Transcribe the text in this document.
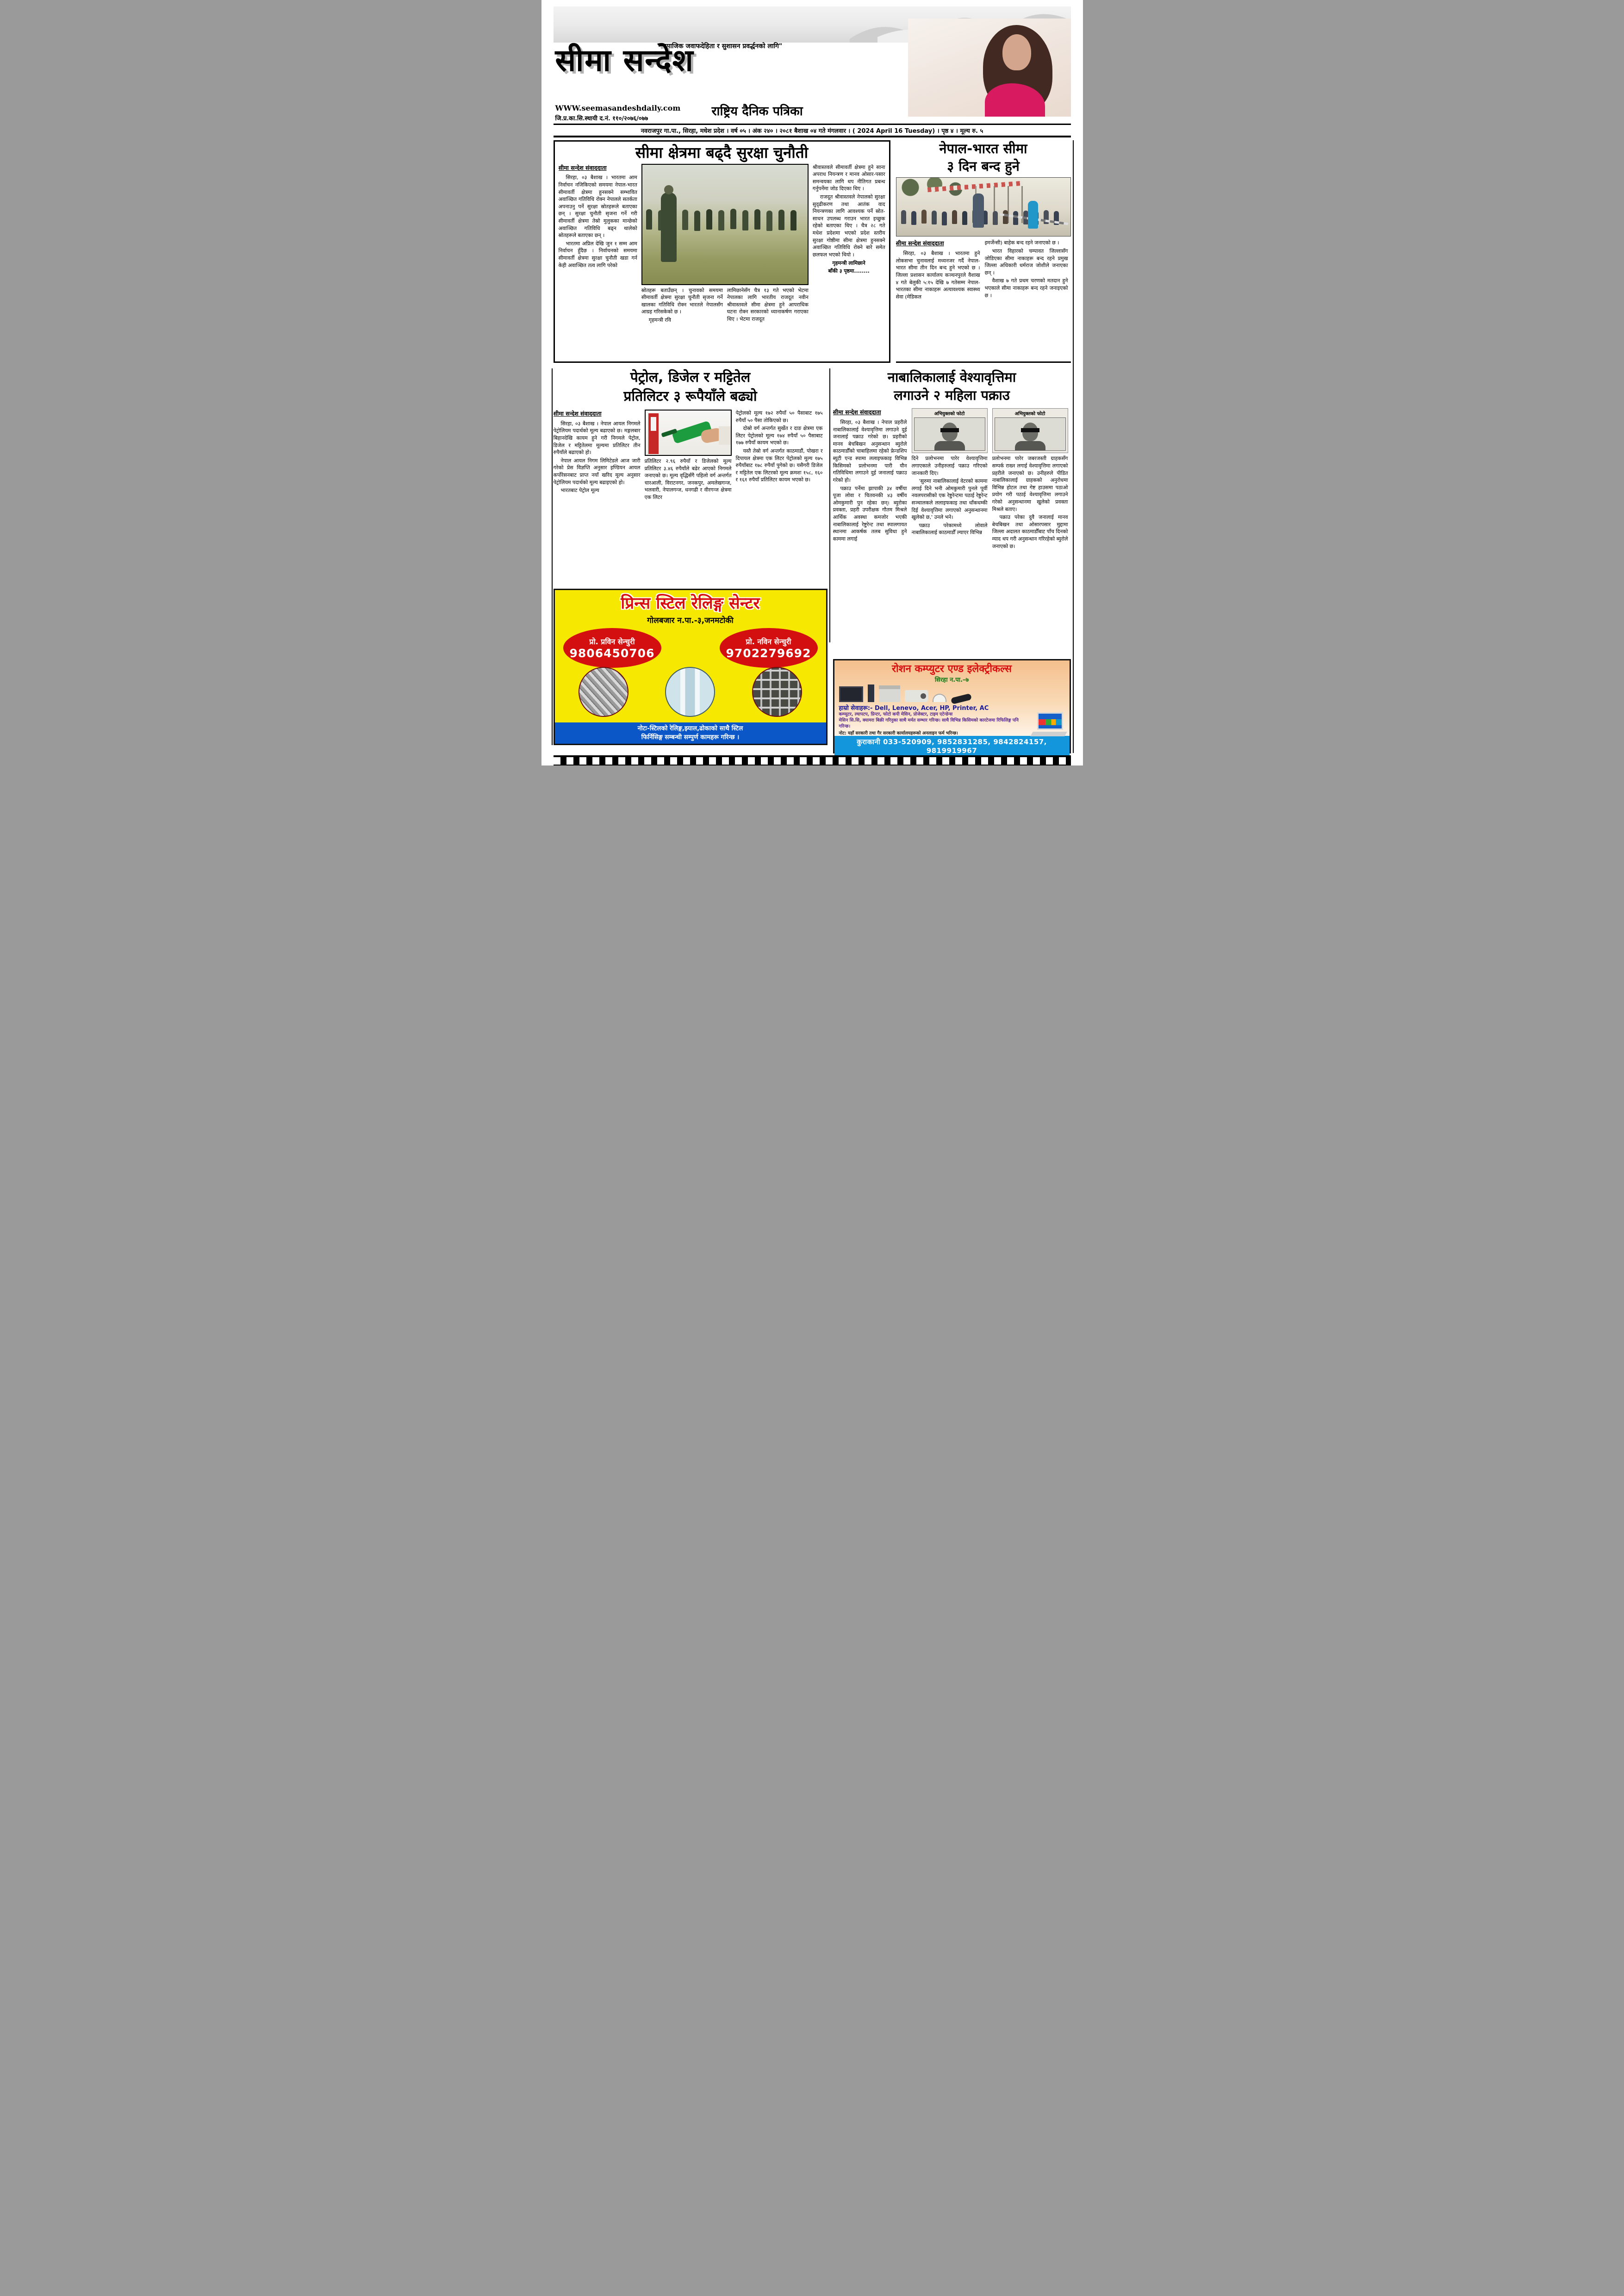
"सामाजिक जवाफदेहिता र सुशासन प्रवर्द्धनको लागि"
सीमा सन्देश
WWW.seemasandeshdaily.com
जि.प्र.का.सि.स्थायी द.नं. ११०/२०७६/०७७
राष्ट्रिय दैनिक पत्रिका
नवराजपुर गा.पा., सिरहा, मधेश प्रदेश । वर्ष ०५ । अंक २४० । २०८१ बैशाख ०४ गते मंगलवार । ( 2024 April 16 Tuesday) । पृष्ठ ४ । मूल्य रु. ५
सीमा क्षेत्रमा बढ्दै सुरक्षा चुनौती
सीमा सन्देश संवाददाता

सिरहा, ०३ बैशाख । भारतमा आम निर्वाचन नजिकिएको समयमा नेपाल-भारत सीमावर्ती क्षेत्रमा हुनसक्ने सम्भावित अवाञ्छित गतिविधि रोक्न नेपालले सतर्कता अपनाउनु पर्ने सुरक्षा स्रोतहरूले बताएका छन् । सुरक्षा चुनौती सृजना गर्ने गरी सीमावर्ती क्षेत्रमा तेस्रो मुलुकका मान्छेको अवाञ्छित गतिविधि बढ्न थालेको स्रोतहरूले बताएका छन् ।

भारतमा अप्रिल देखि जुन १ सम्म आम निर्वाचन हुँदैछ । निर्वाचनको समयमा सीमावर्ती क्षेत्रमा सुरक्षा चुनौती खडा गर्न केही अवाञ्छित तत्व लागि परेको

स्रोतहरू बताउँछन् । चुनावको समयमा सीमावर्ती क्षेत्रमा सुरक्षा चुनौती सृजना गर्ने खालका गतिविधि रोक्न भारतले नेपालसँग आग्रह गरिसकेको छ ।

गृहमन्त्री रवि

लामिछानेसँग चैत्र १३ गते भएको भेटमा नेपालका लागि भारतीय राजदूत नवीन श्रीवास्तवले सीमा क्षेत्रमा हुने आपराधिक घटना रोक्न सरकारको ध्यानाकर्षण गराएका थिए । भेटमा राजदूत

श्रीवास्तवले सीमावर्ती क्षेत्रमा हुने साना अपराध नियन्त्रण र मानव ओसार-पसार समन्वयका लागि थप नीतिगत प्रबन्ध गर्नुपर्नेमा जोड दिएका थिए ।

राजदूत श्रीवास्तवले नेपालको सुरक्षा सुदृढीकरण तथा आतंक वाद नियन्त्रणका लागि आवश्यक पर्ने स्रोत-साधन उपलब्ध गराउन भारत इच्छुक रहेको बताएका थिए । चैत्र २८ गते मधेश प्रदेशमा भएको प्रदेश स्तरीय सुरक्षा गोष्ठीमा सीमा क्षेत्रमा हुनसक्ने अवाञ्छित गतिविधि रोक्ने बारे समेत छलफल भएको थियो ।

गृहमन्त्री लामिछाने

बाँकी ३ पृष्ठमा........

नेपाल-भारत सीमा
३ दिन बन्द हुने
सीमा सन्देश संवाददाता

सिरहा, ०३ बैशाख । भारतमा हुने लोकसभा चुनावलाई मध्यनजर गर्दै नेपाल-भारत सीमा तीन दिन बन्द हुने भएको छ । जिल्ला प्रशासन कार्यालय कञ्चनपुरले वैशाख ४ गते बेलुकी ५:१५ देखि ७ गतेसम्म नेपाल-भारतका सीमा नाकाहरू अत्यावश्यक स्वास्थ्य सेवा (मेडिकल

इमर्जेन्सी) बाहेक बन्द रहने जनाएको छ ।

भारत विहारको चम्पावत जिल्लासँग जोडिएका सीमा नाकाहरू बन्द रहने प्रमुख जिल्ला अधिकारी धर्मराज जोशीले जनाएका छन् ।

वैशाख ७ गते प्रथम चरणको मतदान हुने भएकाले सीमा नाकाहरू बन्द रहने जनाइएको छ ।

पेट्रोल, डिजेल र मट्टितेल
प्रतिलिटर ३ रूपैयाँले बढ्यो
सीमा सन्देश संवाददाता

सिरहा, ०३ बैशाख । नेपाल आयल निगमले पेट्रोलियम पदार्थको मूल्य बढाएको छ। मङ्गलबार बिहानदेखि कायम हुने गरी निगमले पेट्रोल, डिजेल र मट्टितेलमा मूल्यमा प्रतिलिटर तीन रुपैयाँले बढाएको हो।

नेपाल आयल निगम लिमिटेडले आज जारी गरेको प्रेस विज्ञप्ति अनुसार इण्डियन आयल कर्पोरेसनबाट प्राप्त नयाँ खरिद मूल्य अनुसार पेट्रोलियम पदार्थको मूल्य बढाइएको हो।

भारतबाट पेट्रोल मूल्य

प्रतिलिटर २.९६ रुपैयाँ र डिजेलको मूल्य प्रतिलिटर ३.४६ रुपैयाँले बढेर आएको निगमले जनाएको छ। मूल्य वृद्धिसँगै पहिलो वर्ग अन्तर्गत चारआली, विराटनगर, जनकपुर, अमलेखगन्ज, भलवारी, नेपालगन्ज, धनगढी र वीरगन्ज क्षेत्रमा एक लिटर

पेट्रोलको मूल्य १७२ रुपैयाँ ५० पैसाबाट १७५ रुपैयाँ ५० पैसा तोकिएको छ।

दोस्रो वर्ग अन्तर्गत सुर्खेत र दाङ क्षेत्रमा एक लिटर पेट्रोलको मूल्य १७४ रुपैयाँ ५० पैसाबाट १७७ रुपैयाँ कायम भएको छ।

यस्तै तेस्रो वर्ग अन्तर्गत काठमाडौं, पोखरा र दिपायल क्षेत्रमा एक लिटर पेट्रोलको मूल्य १७५ रुपैयाँबाट १७८ रुपैयाँ पुगेको छ। यसैगरी डिजेल र मट्टितेल एक लिटरको मूल्य क्रमशः १५८, १६० र १६१ रुपैयाँ प्रतिलिटर कायम भएको छ।

नाबालिकालाई वेश्यावृत्तिमा
लगाउने २ महिला पक्राउ
सीमा सन्देश संवाददाता

सिरहा, ०३ बैशाख । नेपाल प्रहरीले नाबालिकालाई वेश्यावृत्तिमा लगाउने दुई जनालाई पक्राउ गरेको छ। प्रहरीको मानव बेचबिखन अनुसन्धान ब्युरोले काठमाडौँको चाबाहिलमा रहेको फ्रेन्डशिप ब्युटी एन्ड स्पामा ललाइफकाइ विभिन्न किसिमको प्रलोभनमा पारी यौन गतिविधिमा लगाउने दुई जनालाई पक्राउ गरेको हो।

पक्राउ पर्नेमा झापाकी ३४ वर्षीया पूजा लोवा र चितवनकी ४३ वर्षीय ओमकुमारी पुन रहेका छन्। ब्युरोका प्रवक्ता, प्रहरी उपरीक्षक गौतम मिश्रले आर्थिक अवस्था कमजोर भएकी नाबालिकालाई रेष्टुरेन्ट तथा स्पालगायत स्थानमा आकर्षक तलब सुविधा हुने काममा लगाई

अभियुक्तको फोटो

दिने प्रलोभनमा पारेर वेश्यावृत्तिमा लगाएकाले उनीहरुलाई पक्राउ गरिएको जानकारी दिए।

'सुरुमा नाबालिकालाई वेटरको काममा लगाई दिने भनी ओमकुमारी पुनले पूर्वी नवलपरासीको एक रेष्टुरेन्टमा पठाई रेष्टुरेन्ट सञ्चालकले ललाइफकाइ तथा धाँकधम्की दिई वेश्यावृत्तिमा लगाएको अनुसन्धानमा खुलेको छ,' उनले भने।

पक्राउ परेकामध्ये लोवाले नाबालिकालाई काठमाडौँ ल्याएर विभिन्न

अभियुक्तको फोटो

प्रलोभनमा पारेर जबरजस्ती ग्राहकसँग सम्पर्क राख्न लगाई वेश्यावृत्तिमा लगाएको प्रहरीले जनाएको छ। उनीहरुले पीडित नाबालिकालाई ग्राहकको अनुरोधमा विभिन्न होटल तथा गेष्ट हाउसमा पठाओ प्रयोग गरी पठाई वेश्यावृत्तिमा लगाउने गरेको अनुसन्धानमा खुलेको प्रवक्ता मिश्रले बताए।

पक्राउ परेका दुवै जनालाई मानव बेचबिखन तथा ओसारपसार मुद्दामा जिल्ला अदालत काठमाडौँबाट पाँच दिनको म्याद थप गरी अनुसन्धान गरिरहेको ब्युरोले जनाएको छ।

प्रिन्स स्टिल रेलिङ्ग सेन्टर
गोलबजार न.पा.-३,जनमटोकी
प्रो. प्रविन सेन्चुरी
9806450706
प्रो. नविन सेन्चुरी
9702279692
नोटः-स्टिलको रेलिङ्ग,झ्याल,ढोकाको साथै स्टिल
फिर्निसिङ्ग सम्बन्धी सम्पुर्ण कामहरू गरिन्छ ।
रोशन कम्प्युटर एण्ड इलेक्ट्रीकल्स
सिरहा न.पा.–७
हाम्रो सेवाहरू:- Dell, Lenevo, Acer, HP, Printer, AC
कम्प्युटर, ल्यापटप, प्रिन्टर, फोटो कपी मेसिन, प्रोजेक्टर, टाइम एटेन्डेन्स
मेसिन सि.सि, क्यामरा बिक्री गरिनुका साथै मर्मत सम्भार गरिन्छ। साथै विभिन्न किसिमको कारटेजमा रिफिलिङ्ग पनि गरिन्छ।
नोट: यहाँ सरकारी तथा गैर सरकारी कार्यालयहरूको अनलाइन फर्म भरिन्छ।
कुराकानी 033-520909, 9852831285, 9842824157, 9819919967
